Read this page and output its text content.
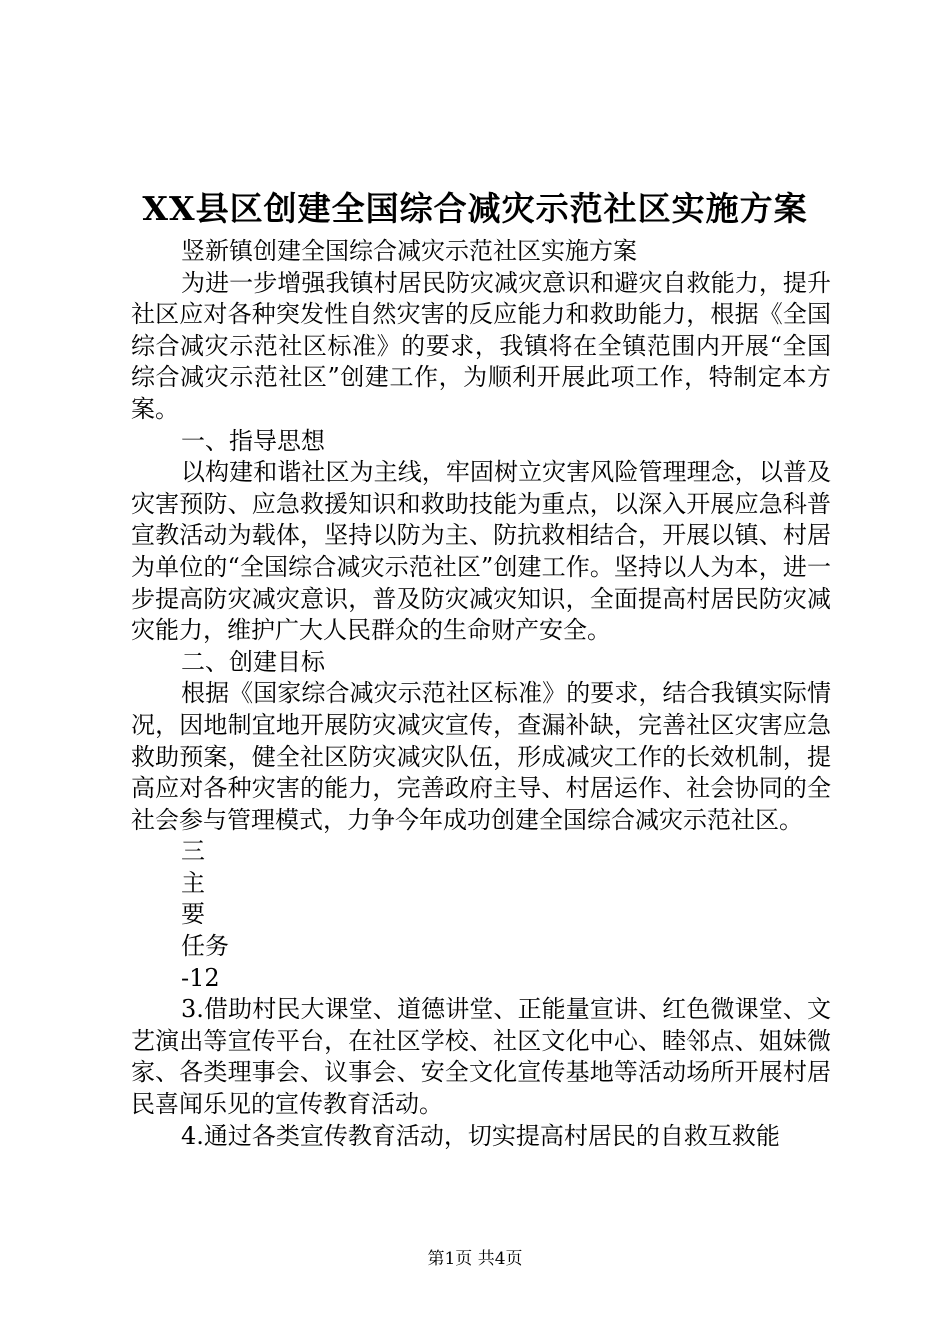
XX县区创建全国综合减灾示范社区实施方案

竖新镇创建全国综合减灾示范社区实施方案

为进一步增强我镇村居民防灾减灾意识和避灾自救能力，提升社区应对各种突发性自然灾害的反应能力和救助能力，根据《全国综合减灾示范社区标准》的要求，我镇将在全镇范围内开展“全国综合减灾示范社区”创建工作，为顺利开展此项工作，特制定本方案。

一、指导思想

以构建和谐社区为主线，牢固树立灾害风险管理理念，以普及灾害预防、应急救援知识和救助技能为重点，以深入开展应急科普宣教活动为载体，坚持以防为主、防抗救相结合，开展以镇、村居为单位的“全国综合减灾示范社区”创建工作。坚持以人为本，进一步提高防灾减灾意识，普及防灾减灾知识，全面提高村居民防灾减灾能力，维护广大人民群众的生命财产安全。

二、创建目标

根据《国家综合减灾示范社区标准》的要求，结合我镇实际情况，因地制宜地开展防灾减灾宣传，查漏补缺，完善社区灾害应急救助预案，健全社区防灾减灾队伍，形成减灾工作的长效机制，提高应对各种灾害的能力，完善政府主导、村居运作、社会协同的全社会参与管理模式，力争今年成功创建全国综合减灾示范社区。

三
主
要
任务
-12

3.借助村民大课堂、道德讲堂、正能量宣讲、红色微课堂、文艺演出等宣传平台，在社区学校、社区文化中心、睦邻点、姐妹微家、各类理事会、议事会、安全文化宣传基地等活动场所开展村居民喜闻乐见的宣传教育活动。

4.通过各类宣传教育活动，切实提高村居民的自救互救能

第1页 共4页
